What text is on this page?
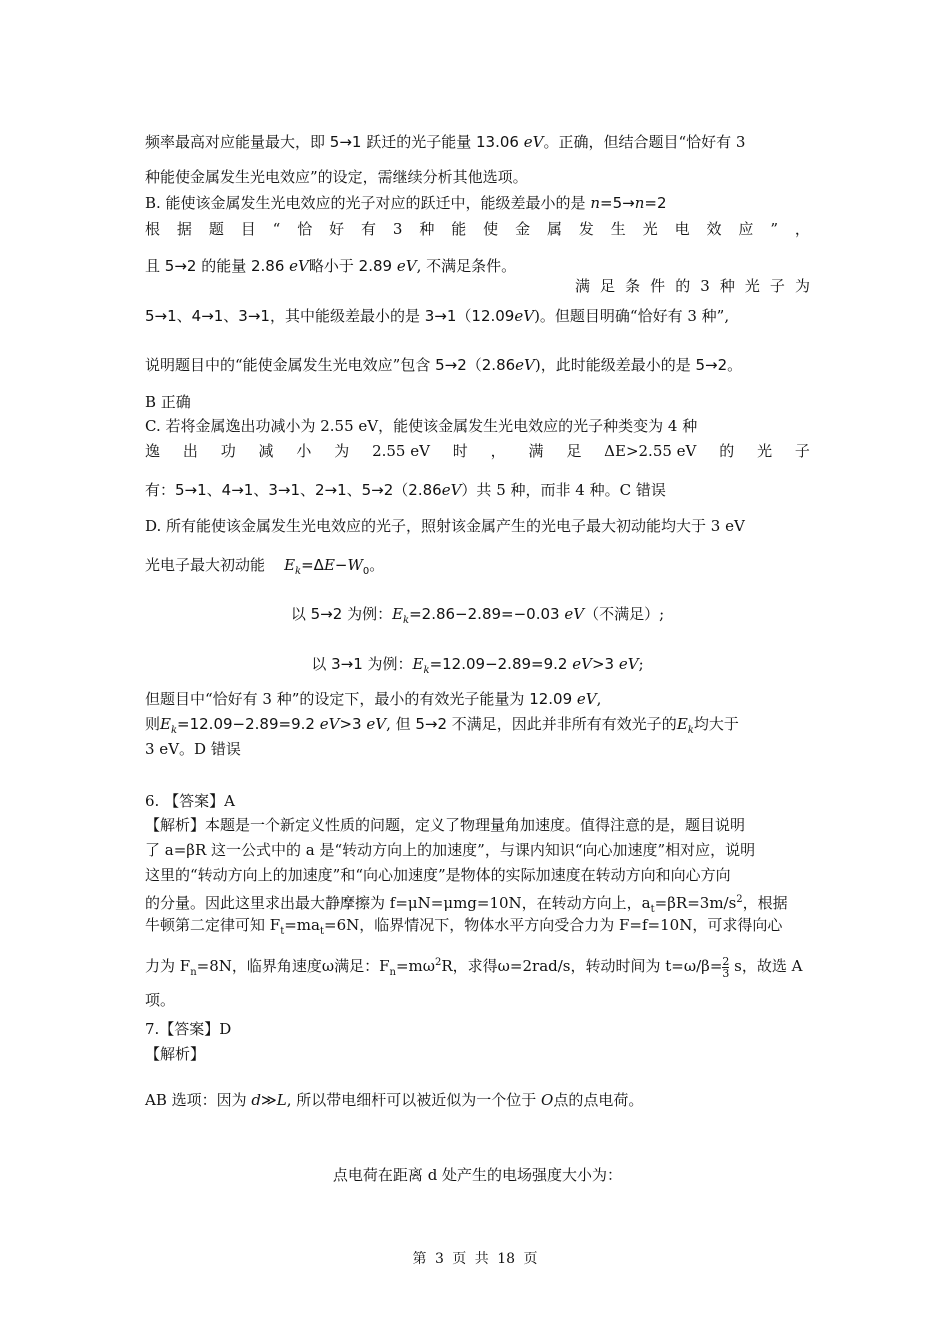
频率最高对应能量最大，即 5→1 跃迁的光子能量 13.06 eV。正确，但结合题目“恰好有 3
种能使金属发生光电效应”的设定，需继续分析其他选项。
B. 能使该金属发生光电效应的光子对应的跃迁中，能级差最小的是 n=5→n=2
根 据 题 目 “ 恰 好 有 3 种 能 使 金 属 发 生 光 电 效 应 ” ，
且 5→2 的能量 2.86 eV略小于 2.89 eV, 不满足条件。
满 足 条 件 的 3 种 光 子 为
5→1、4→1、3→1，其中能级差最小的是 3→1（12.09eV)。但题目明确“恰好有 3 种”,
说明题目中的“能使金属发生光电效应”包含 5→2（2.86eV)，此时能级差最小的是 5→2。
B 正确
C. 若将金属逸出功减小为 2.55 eV，能使该金属发生光电效应的光子种类变为 4 种
逸 出 功 减 小 为 2.55 eV 时 ， 满 足 ΔE>2.55 eV 的 光 子
有：5→1、4→1、3→1、2→1、5→2（2.86eV）共 5 种，而非 4 种。C 错误
D. 所有能使该金属发生光电效应的光子，照射该金属产生的光电子最大初动能均大于 3 eV
光电子最大初动能    $E_k=\Delta E-W_0$。
以 5→2 为例：$E_k=2.86-2.89=-0.03$ eV（不满足）;
以 3→1 为例：$E_k=12.09-2.89=9.2$ eV>3 eV;
但题目中“恰好有 3 种”的设定下，最小的有效光子能量为 12.09 eV,
则$E_k=12.09-2.89=9.2$ eV>3 eV, 但 5→2 不满足，因此并非所有有效光子的$E_k$均大于
3 eV。D 错误
6. 【答案】A
【解析】本题是一个新定义性质的问题，定义了物理量角加速度。值得注意的是，题目说明
了 a=βR 这一公式中的 a 是“转动方向上的加速度”，与课内知识“向心加速度”相对应，说明
这里的“转动方向上的加速度”和“向心加速度”是物体的实际加速度在转动方向和向心方向
的分量。因此这里求出最大静摩擦为 f=μN=μmg=10N，在转动方向上，$a_t=\beta R=3m/s^2$，根据
牛顿第二定律可知 $F_t=ma_t=6N$，临界情况下，物体水平方向受合力为 F=f=10N，可求得向心
力为 $F_n=8N$，临界角速度ω满足：$F_n=m\omega^2R$，求得ω=2rad/s，转动时间为 $t=\omega/\beta= \frac{2}{3}$ s，故选 A
项。
7.【答案】D
【解析】
AB 选项：因为 d≫L, 所以带电细杆可以被近似为一个位于 O点的点电荷。
点电荷在距离 d 处产生的电场强度大小为：
第 3 页 共 18 页
